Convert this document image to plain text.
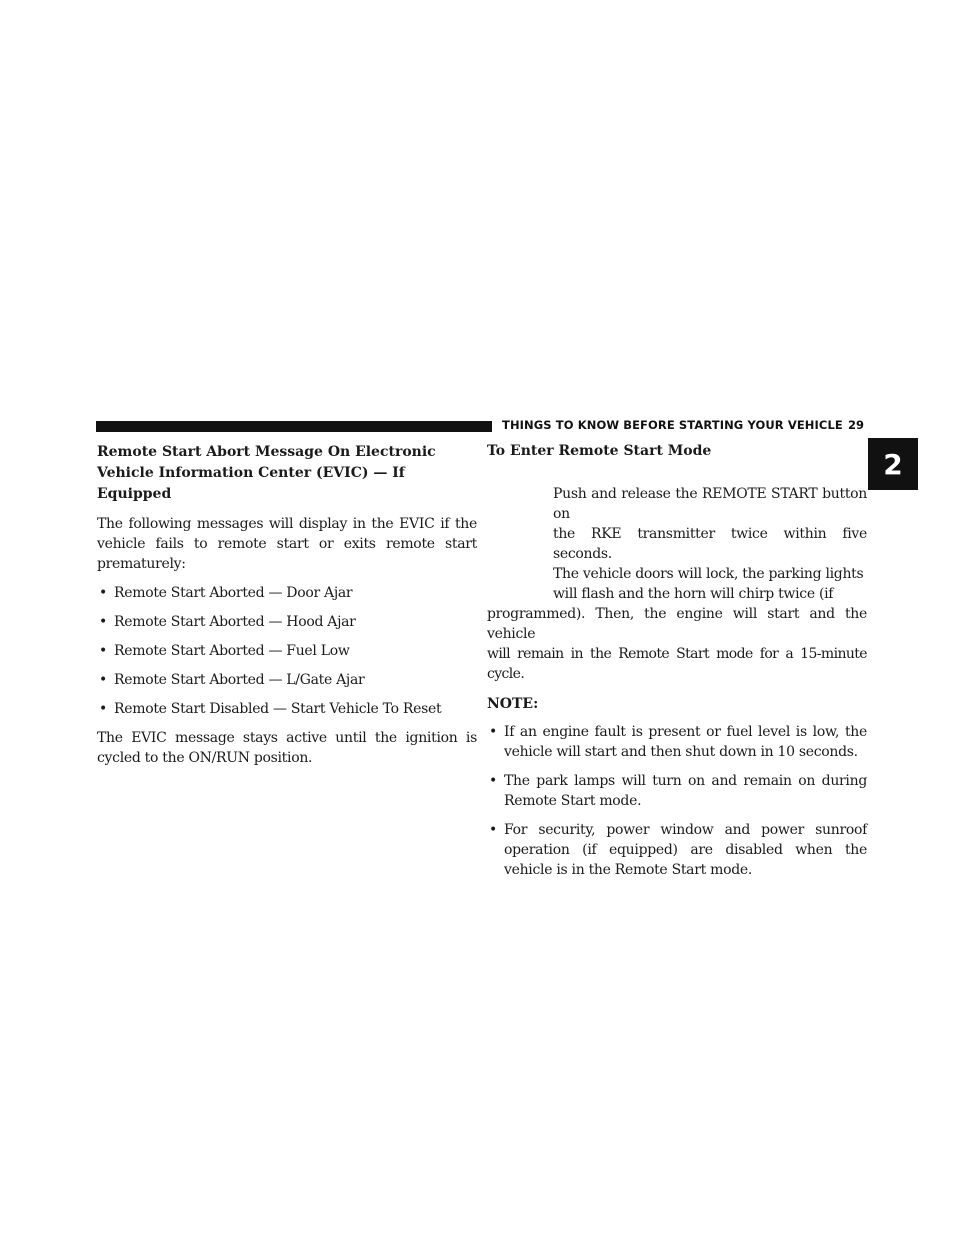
THINGS TO KNOW BEFORE STARTING YOUR VEHICLE 29
2
Remote Start Abort Message On Electronic Vehicle Information Center (EVIC) — If Equipped

The following messages will display in the EVIC if the vehicle fails to remote start or exits remote start prematurely:

• Remote Start Aborted — Door Ajar
• Remote Start Aborted — Hood Ajar
• Remote Start Aborted — Fuel Low
• Remote Start Aborted — L/Gate Ajar
• Remote Start Disabled — Start Vehicle To Reset

The EVIC message stays active until the ignition is cycled to the ON/RUN position.

To Enter Remote Start Mode
Push and release the REMOTE START button on
the RKE transmitter twice within five seconds.
The vehicle doors will lock, the parking lights
will flash and the horn will chirp twice (if
programmed). Then, the engine will start and the vehicle
will remain in the Remote Start mode for a 15-minute cycle.
NOTE:
• If an engine fault is present or fuel level is low, the vehicle will start and then shut down in 10 seconds.
• The park lamps will turn on and remain on during Remote Start mode.
• For security, power window and power sunroof operation (if equipped) are disabled when the vehicle is in the Remote Start mode.
